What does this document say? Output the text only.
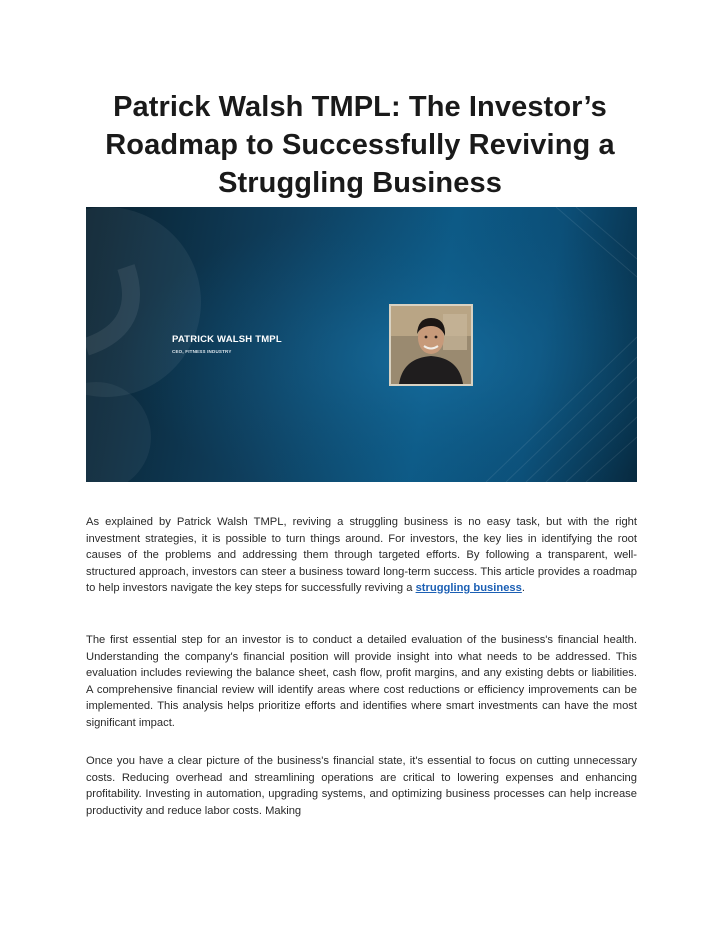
Patrick Walsh TMPL: The Investor’s Roadmap to Successfully Reviving a Struggling Business

PATRICK WALSH TMPL

CEO, FITNESS INDUSTRY

As explained by Patrick Walsh TMPL, reviving a struggling business is no easy task, but with the right investment strategies, it is possible to turn things around. For investors, the key lies in identifying the root causes of the problems and addressing them through targeted efforts. By following a transparent, well-structured approach, investors can steer a business toward long-term success. This article provides a roadmap to help investors navigate the key steps for successfully reviving a struggling business.

The first essential step for an investor is to conduct a detailed evaluation of the business's financial health. Understanding the company's financial position will provide insight into what needs to be addressed. This evaluation includes reviewing the balance sheet, cash flow, profit margins, and any existing debts or liabilities. A comprehensive financial review will identify areas where cost reductions or efficiency improvements can be implemented. This analysis helps prioritize efforts and identifies where smart investments can have the most significant impact.

Once you have a clear picture of the business's financial state, it's essential to focus on cutting unnecessary costs. Reducing overhead and streamlining operations are critical to lowering expenses and enhancing profitability. Investing in automation, upgrading systems, and optimizing business processes can help increase productivity and reduce labor costs. Making
